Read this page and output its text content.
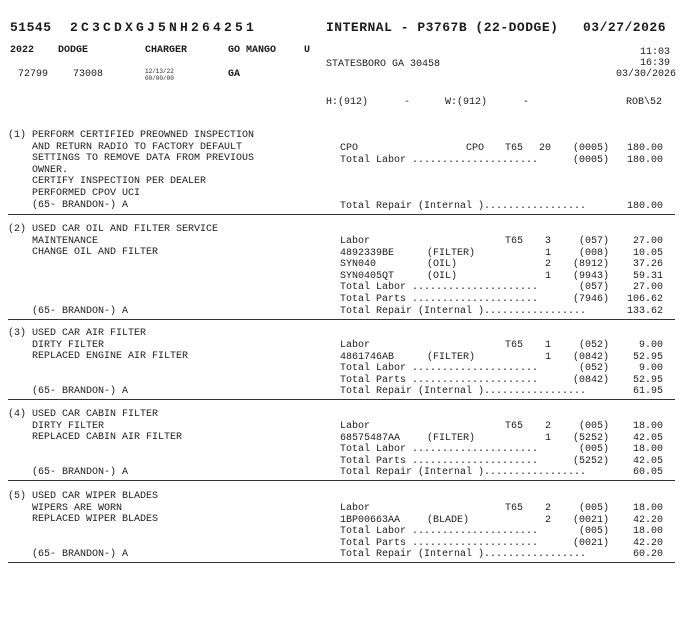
51545 2C3CDXGJ5NH264251	INTERNAL - P3767B (22-DODGE)	03/27/2026
2022 DODGE	CHARGER	GO MANGO	U	11:03
16:39
STATESBORO GA 30458
72799 73008	12/13/22
00/00/00	GA	03/30/2026
H:(912)	-	W:(912)	-	ROB\52
(1) PERFORM CERTIFIED PREOWNED INSPECTION
AND RETURN RADIO TO FACTORY DEFAULT
SETTINGS TO REMOVE DATA FROM PREVIOUS
OWNER.
CERTIFY INSPECTION PER DEALER
PERFORMED CPOV UCI
(65- BRANDON-) A
CPO	CPO T65	20	(0005)	180.00
Total Labor .....................	(0005)	180.00
Total Repair (Internal ).................	180.00
(2) USED CAR OIL AND FILTER SERVICE
MAINTENANCE
CHANGE OIL AND FILTER
Labor	T65	3	(057)	27.00
4892339BE	(FILTER)	1	(008)	10.05
SYN040	(OIL)	2	(8912)	37.26
SYN0405QT	(OIL)	1	(9943)	59.31
Total Labor .....................	(057)	27.00
Total Parts .....................	(7946)	106.62
(65- BRANDON-) A	Total Repair (Internal ).................	133.62
(3) USED CAR AIR FILTER
DIRTY FILTER
REPLACED ENGINE AIR FILTER
Labor	T65	1	(052)	9.00
4861746AB	(FILTER)	1	(0842)	52.95
Total Labor .....................	(052)	9.00
Total Parts .....................	(0842)	52.95
(65- BRANDON-) A	Total Repair (Internal ).................	61.95
(4) USED CAR CABIN FILTER
DIRTY FILTER
REPLACED CABIN AIR FILTER
Labor	T65	2	(005)	18.00
68575487AA	(FILTER)	1	(5252)	42.05
Total Labor .....................	(005)	18.00
Total Parts .....................	(5252)	42.05
(65- BRANDON-) A	Total Repair (Internal ).................	60.05
(5) USED CAR WIPER BLADES
WIPERS ARE WORN
REPLACED WIPER BLADES
Labor	T65	2	(005)	18.00
1BP00663AA	(BLADE)	2	(0021)	42.20
Total Labor .....................	(005)	18.00
Total Parts .....................	(0021)	42.20
(65- BRANDON-) A	Total Repair (Internal ).................	60.20
